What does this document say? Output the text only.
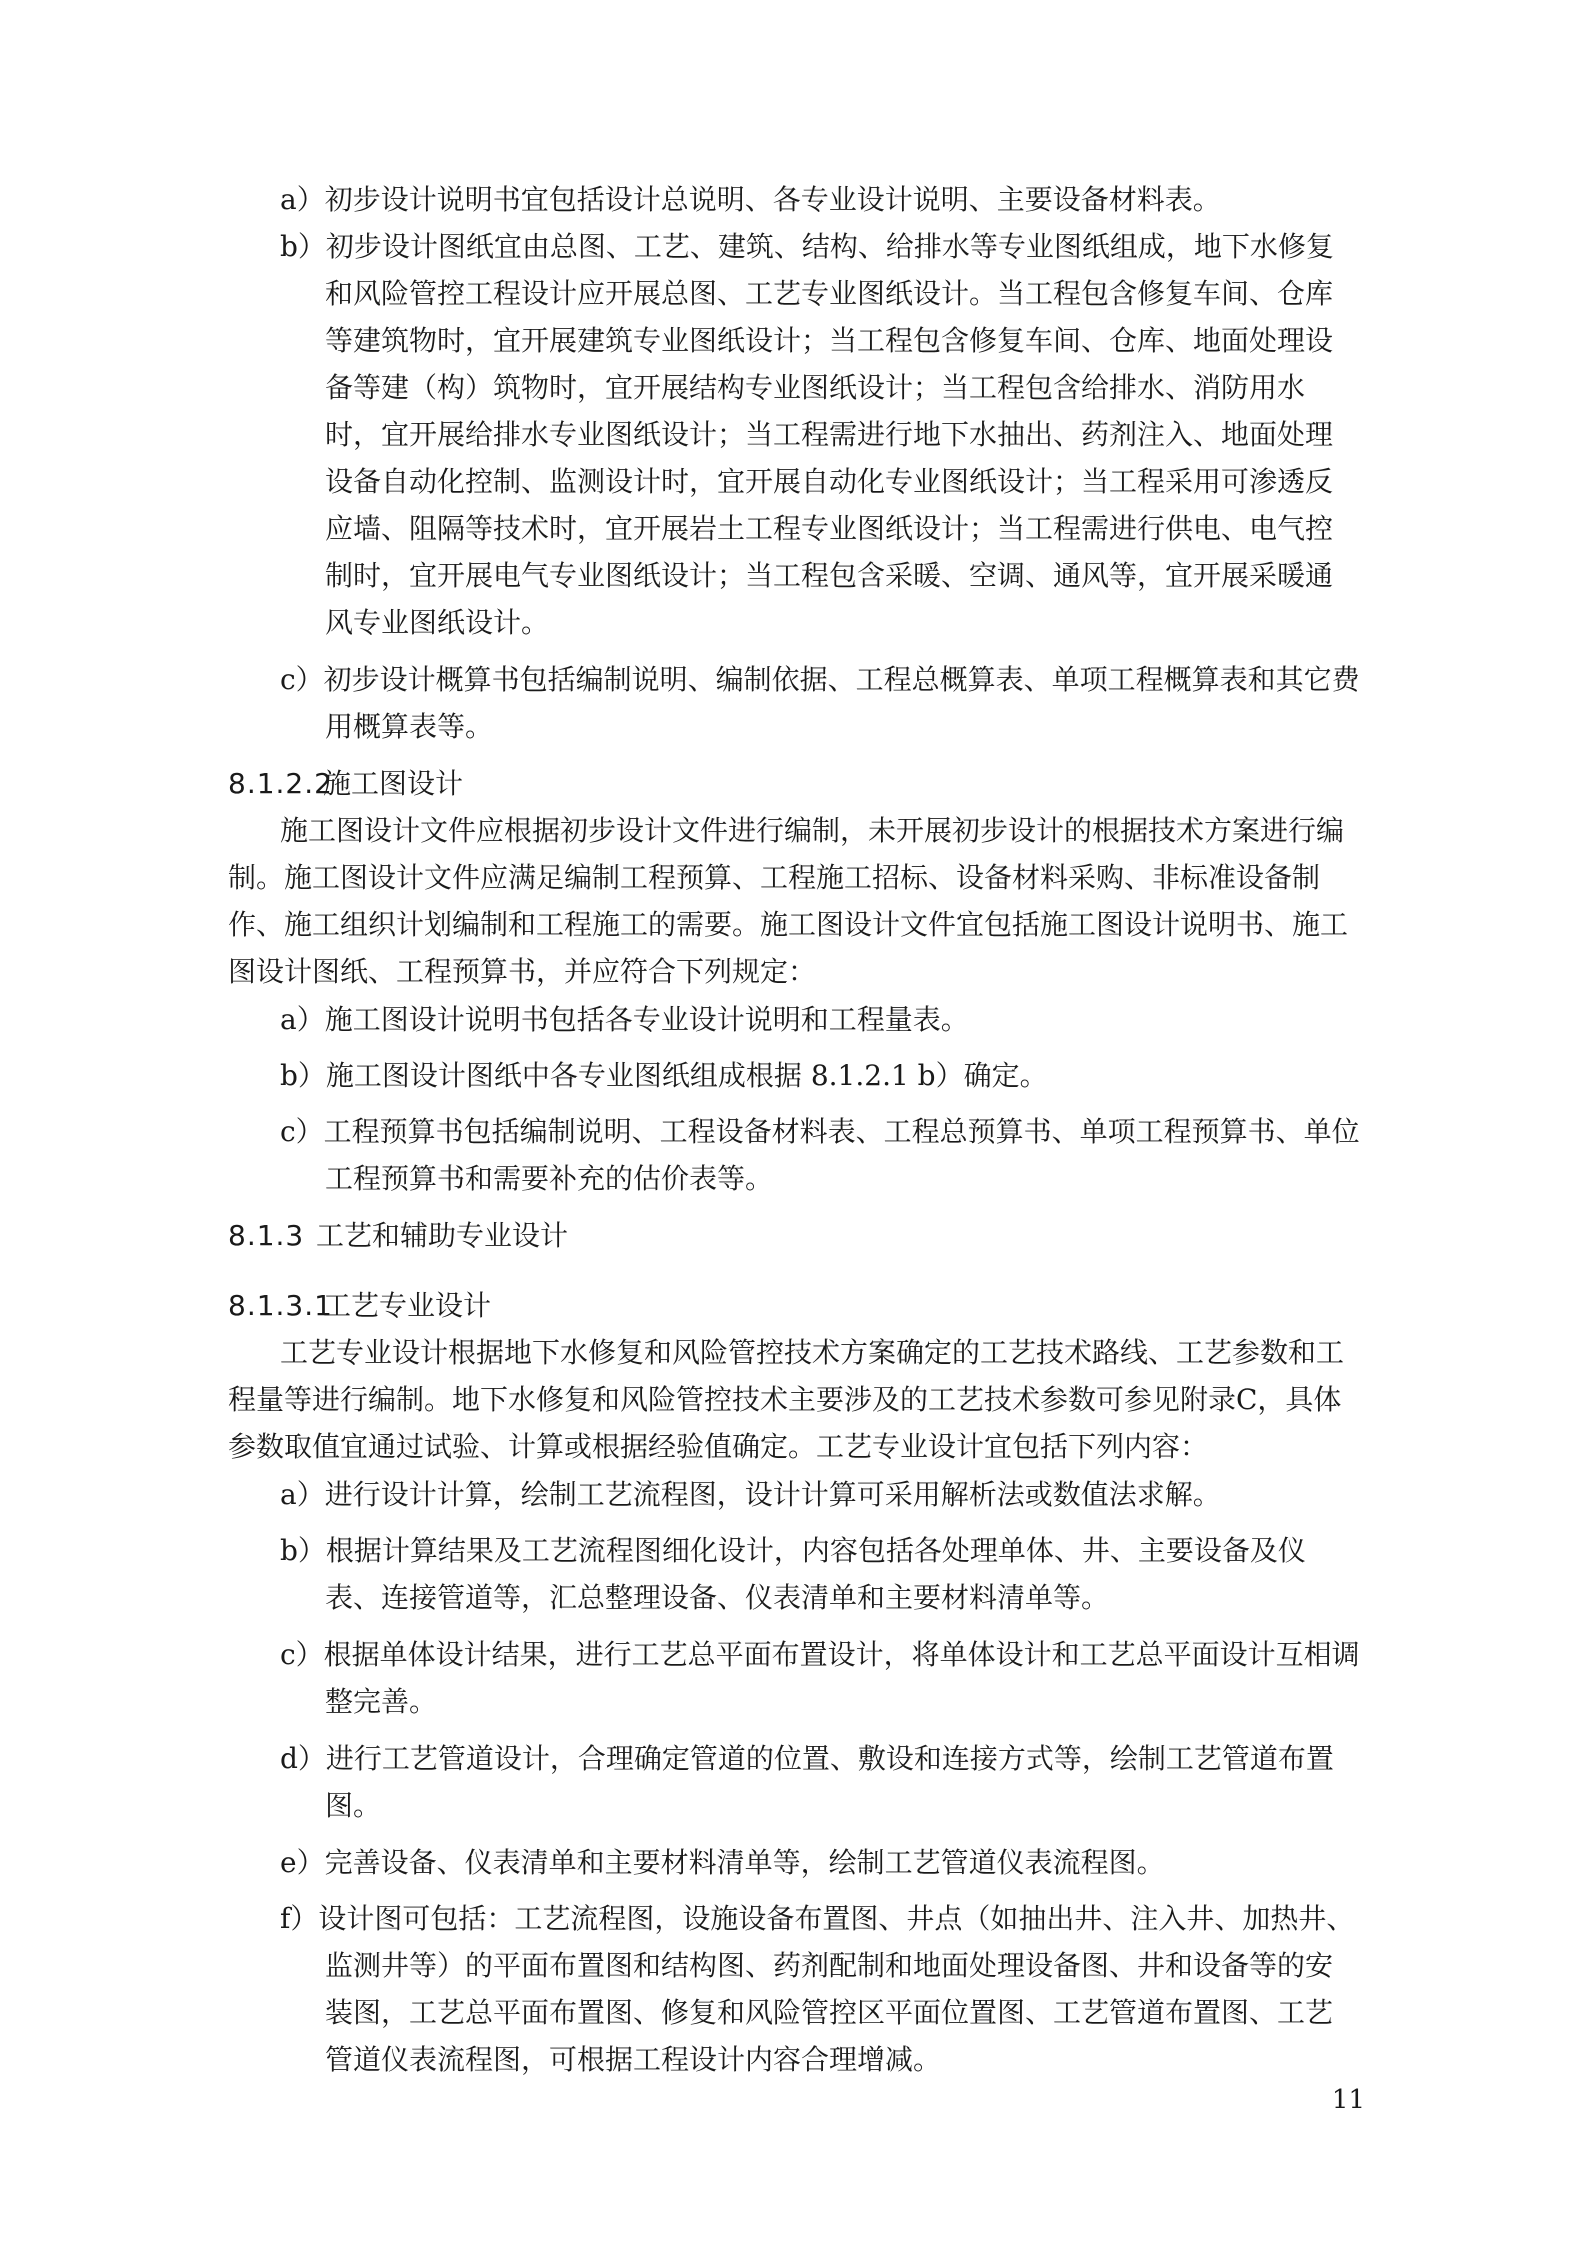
a）初步设计说明书宜包括设计总说明、各专业设计说明、主要设备材料表。
b）初步设计图纸宜由总图、工艺、建筑、结构、给排水等专业图纸组成，地下水修复
和风险管控工程设计应开展总图、工艺专业图纸设计。当工程包含修复车间、仓库
等建筑物时，宜开展建筑专业图纸设计；当工程包含修复车间、仓库、地面处理设
备等建（构）筑物时，宜开展结构专业图纸设计；当工程包含给排水、消防用水
时，宜开展给排水专业图纸设计；当工程需进行地下水抽出、药剂注入、地面处理
设备自动化控制、监测设计时，宜开展自动化专业图纸设计；当工程采用可渗透反
应墙、阻隔等技术时，宜开展岩土工程专业图纸设计；当工程需进行供电、电气控
制时，宜开展电气专业图纸设计；当工程包含采暖、空调、通风等，宜开展采暖通
风专业图纸设计。
c）初步设计概算书包括编制说明、编制依据、工程总概算表、单项工程概算表和其它费
用概算表等。
施工图设计文件应根据初步设计文件进行编制，未开展初步设计的根据技术方案进行编
制。施工图设计文件应满足编制工程预算、工程施工招标、设备材料采购、非标准设备制
作、施工组织计划编制和工程施工的需要。施工图设计文件宜包括施工图设计说明书、施工
图设计图纸、工程预算书，并应符合下列规定：
a）施工图设计说明书包括各专业设计说明和工程量表。
b）施工图设计图纸中各专业图纸组成根据 8.1.2.1 b）确定。
c）工程预算书包括编制说明、工程设备材料表、工程总预算书、单项工程预算书、单位
工程预算书和需要补充的估价表等。
工艺专业设计根据地下水修复和风险管控技术方案确定的工艺技术路线、工艺参数和工
程量等进行编制。地下水修复和风险管控技术主要涉及的工艺技术参数可参见附录C，具体
参数取值宜通过试验、计算或根据经验值确定。工艺专业设计宜包括下列内容：
a）进行设计计算，绘制工艺流程图，设计计算可采用解析法或数值法求解。
b）根据计算结果及工艺流程图细化设计，内容包括各处理单体、井、主要设备及仪
表、连接管道等，汇总整理设备、仪表清单和主要材料清单等。
c）根据单体设计结果，进行工艺总平面布置设计，将单体设计和工艺总平面设计互相调
整完善。
d）进行工艺管道设计，合理确定管道的位置、敷设和连接方式等，绘制工艺管道布置
图。
e）完善设备、仪表清单和主要材料清单等，绘制工艺管道仪表流程图。
f）设计图可包括：工艺流程图，设施设备布置图、井点（如抽出井、注入井、加热井、
监测井等）的平面布置图和结构图、药剂配制和地面处理设备图、井和设备等的安
装图，工艺总平面布置图、修复和风险管控区平面位置图、工艺管道布置图、工艺
管道仪表流程图，可根据工程设计内容合理增减。
8.1.2.2施工图设计
8.1.3 工艺和辅助专业设计
8.1.3.1工艺专业设计
11
